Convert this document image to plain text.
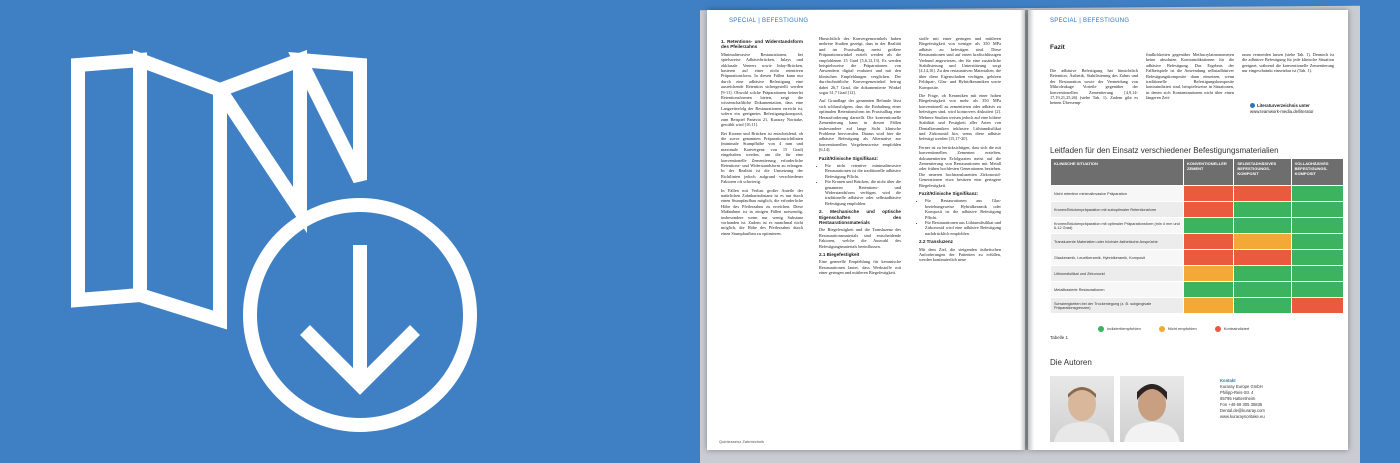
SPECIAL | BEFESTIGUNG

1. Retentions- und Widerstandsform des Pfeilerzahns

Minimalinvasive Restaurationen, bei spielsweise Adhäsivbrücken, Inlays und okklusale Veneers sowie Inlay-Brücken, basieren auf einer nicht retentiven Präparationsform. In diesen Fällen kann nur durch eine adhäsive Befestigung eine ausreichende Retention sichergestellt werden [9-11]. Obwohl solche Präparationen keinerlei Retentionsformen bieten, zeigt die wissenschaftliche Dokumentation, dass eine Langzeiterfolg der Restaurationen erreicht ist, sofern ein geeignetes Befestigungskomposit, zum Beispiel Panavia 21, Kuraray Noritake, gewählt wird [10,11].

Bei Kronen und Brücken ist entscheidend, ob die zuvor genannten Präparationsrichtlinien (minimale Stumpfhöhe von 4 mm und maximale Konvergenz von 15 Grad) eingehalten werden, um die für eine konventionelle Zementierung erforderliche Retentions- und Widerstandsform zu erlangen. In der Realität ist die Umsetzung der Richtlinien jedoch aufgrund verschiedener Faktoren oft schwierig.

In Fällen mit Verlust großer Anteile der natürlichen Zahnhartsubstanz ist es nur durch einen Stumpfaufbau möglich, die erforderliche Höhe des Pfeilerzahns zu erreichen. Diese Maßnahme ist in einigen Fällen notwendig, insbesondere wenn nur wenig Substanz vorhanden ist. Zudem ist es manchmal nicht möglich, die Höhe des Pfeilerzahns durch einen Stumpfaufbau zu optimieren.

Hinsichtlich des Konvergenzwinkels haben mehrere Studien gezeigt, dass in der Realität und im Praxisalltag meist größere Präparationswinkel erzielt werden als die empfohlenen 15 Grad [5,6,12,13]. Es werden beispielsweise die Präparationen von Anwendern digital evaluiert und mit den klinischen Empfehlungen verglichen. Der durchschnittliche Konvergenzwinkel betrug dabei 26,7 Grad, die dokumentierte Winkel sogar 31,7 Grad [12].

Auf Grundlage der genannten Befunde lässt sich schlussfolgern, dass die Einhaltung einer optimalen Retentionsform im Praxisalltag eine Herausforderung darstellt. Die konventionelle Zementierung kann in diesen Fällen insbesondere auf lange Sicht klinische Probleme hervorrufen. Daraus wird hier die adhäsive Befestigung als Alternative zur konventionellen Vorgehensweise empfohlen [6,14].

Fazit/Klinische Signifikanz:

• Für nicht retentive minimalinvasive Restaurationen ist die traditionelle adhäsive Befestigung Pflicht.
• Für Kronen und Brücken, die nicht über die genannten Retentions- und Widerstandsform verfügen, wird die traditionelle adhäsive oder selbstadhäsive Befestigung empfohlen.

2. Mechanische und optische Eigenschaften des Restaurationsmaterials

Die Biegefestigkeit und die Transluzenz des Restaurationsmaterials sind entscheidende Faktoren, welche die Auswahl des Befestigungsmaterials beeinflussen.

2.1 Biegefestigkeit

Eine generelle Empfehlung für keramische Restaurationen lautet, dass Werkstoffe mit einer geringen und mittleren Biegefestigkeit.

stoffe mit einer geringen und mittleren Biegefestigkeit von weniger als 350 MPa adhäsiv zu befestigen sind. Diese Restaurationen sind auf einen kraftschlüssigen Verbund angewiesen, der für eine zusätzliche Stabilisierung und Unterstützung sorgt [4,14,16]. Zu den restaurativen Materialien, die über diese Eigenschaften verfügen, gehören Feldspat-, Glas- und Hybridkeramiken sowie Komposite.

Die Frage, ob Keramiken mit einer hohen Biegefestigkeit von mehr als 350 MPa konventionell zu zementieren oder adhäsiv zu befestigen sind, wird kontrovers diskutiert [2]. Mehrere Studien weisen jedoch auf eine höhere Stabilität und Festigkeit aller Arten von Dentalkeramiken inklusive Lithiumdisilikat und Zirkonoxid hin, wenn diese adhäsiv befestigt werden [15,17-20].

Ferner ist zu berücksichtigen, dass sich die mit konventionellen Zementen erzielten, dokumentierten Erfolgsraten meist auf die Zementierung von Restaurationen mit Metall oder frühen hochfesten Generationen beziehen. Die neueren hochtransluzenten Zirkonoxid-Generationen etwa besitzen eine geringere Biegefestigkeit.

Fazit/Klinische Signifikanz:

• Für Restaurationen aus Glas- beziehungsweise Hybridkeramik oder Komposit ist die adhäsive Befestigung Pflicht.
• Für Restaurationen aus Lithiumdisilikat und Zirkonoxid wird eine adhäsive Befestigung nachdrücklich empfohlen.

2.2 Transluzenz

Mit dem Ziel, die steigenden ästhetischen Anforderungen der Patienten zu erfüllen, werden kontinuierlich neue

Quintessenz Zahntechnik
SPECIAL | BEFESTIGUNG
Fazit
Die adhäsive Befestigung hat hinsichtlich Retention, Ästhetik, Stabilisierung des Zahns und der Restauration sowie der Vermeidung von Mikroleakage Vorteile gegenüber der konventionellen Zementierung [4,9,14-17,19,21,25,26] (siehe Tab. 1). Zudem gibt es keinen Übersemp-
findlichkeiten gegenüber Methacrylatmonomeren keine absoluten Kontraindikationen für die adhäsive Befestigung. Das Ergebnis der Fallbeispiele ist die Anwendung selbstadhäsiver Befestigungskomposite dann einsetzen, wenn traditionelle Befestigungskomposite kontraindiziert sind, beispielsweise in Situationen, in denen sich Kontaminationen nicht über einen längeren Zeit-
raum vermeiden lassen (siehe Tab. 1). Dennoch ist die adhäsive Befestigung für jede klinische Situation geeignet, während die konventionelle Zementierung nur eingeschränkt einsetzbar ist (Tab. 1).
Literaturverzeichnis unter
www.teamwork-media.de/literatur
Leitfaden für den Einsatz verschiedener Befestigungsmaterialien
KLINISCHE SITUATION	KONVENTIONELLER ZEMENT	SELBSTADHÄSIVES BEFESTIGUNGS-KOMPOSIT	VOLLADHÄSIVES BEFESTIGUNGS-KOMPOSIT
Nicht retentive minimalinvasive Präparation			
Kronen/Brückenpräparation mit suboptimaler Retentionsform			
Kronen/Brückenpräparation mit optimaler Präparationsform (min 4 mm und 6-12 Grad)			
Transluzente Materialien oder höchste ästhetische Ansprüche			
Glaskeramik, Leuzitkeramik, Hybridkeramik, Komposit			
Lithiumdisilikat und Zirkonoxid			
Metallbasierte Restaurationen			
Schwierigkeiten bei der Trockenlegung (z. B. subgingivale Präparationsgrenzen)			
Indiziert/empfohlen	Nicht empfohlen	Kontraindiziert
Tabelle 1
Die Autoren
Kontakt
Kuraray Europe GmbH
Philipp-Reis-Str. 4
65795 Hattersheim
Fon +49 69 305 35835
Dental.de@kuraray.com
www.kuraraynoritake.eu
